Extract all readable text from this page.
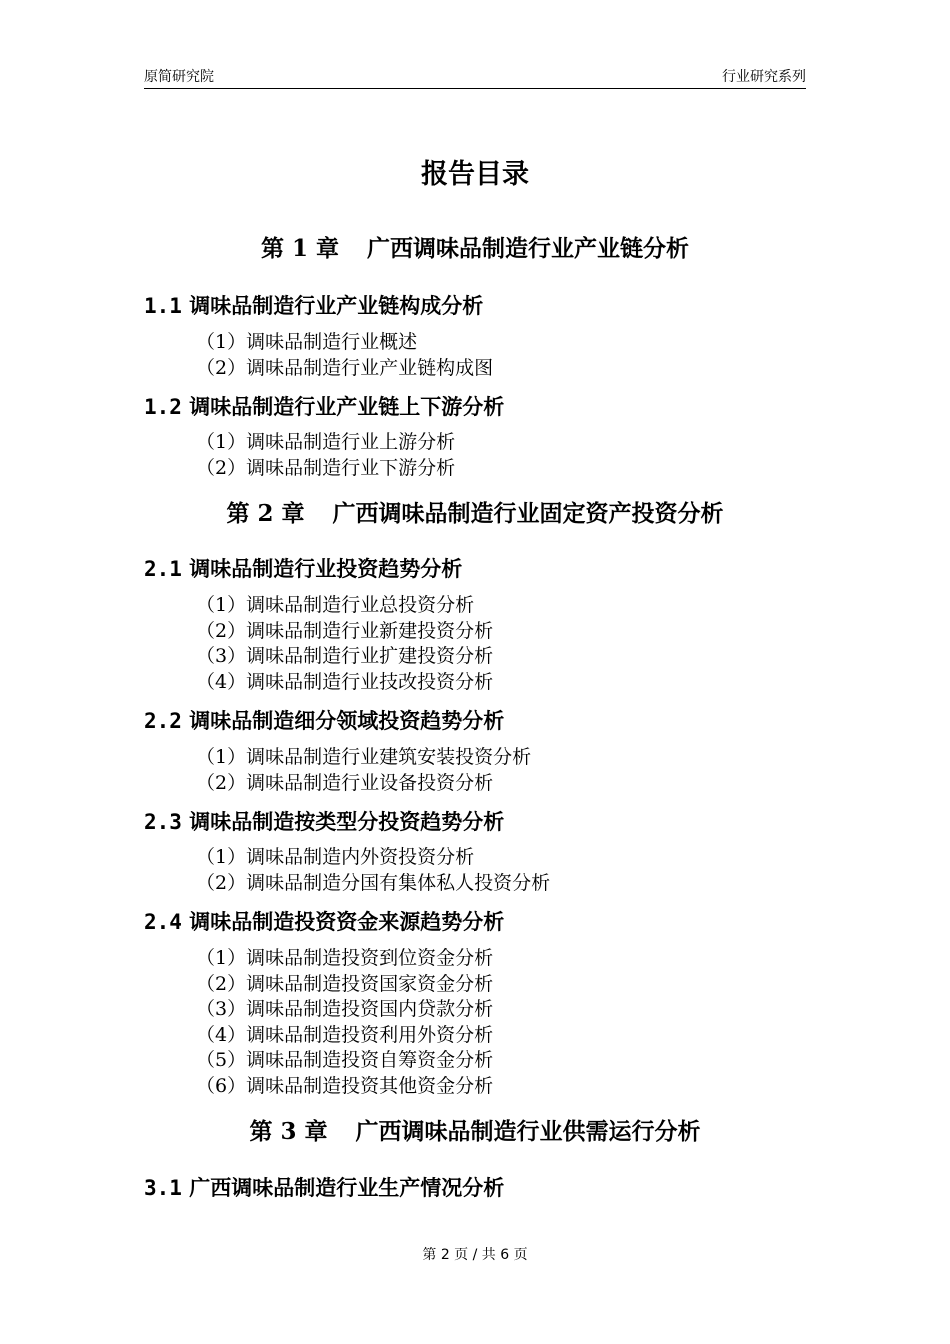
原简研究院	行业研究系列
报告目录
第 1 章 广西调味品制造行业产业链分析
1.1 调味品制造行业产业链构成分析
（1）调味品制造行业概述
（2）调味品制造行业产业链构成图
1.2 调味品制造行业产业链上下游分析
（1）调味品制造行业上游分析
（2）调味品制造行业下游分析
第 2 章 广西调味品制造行业固定资产投资分析
2.1 调味品制造行业投资趋势分析
（1）调味品制造行业总投资分析
（2）调味品制造行业新建投资分析
（3）调味品制造行业扩建投资分析
（4）调味品制造行业技改投资分析
2.2 调味品制造细分领域投资趋势分析
（1）调味品制造行业建筑安装投资分析
（2）调味品制造行业设备投资分析
2.3 调味品制造按类型分投资趋势分析
（1）调味品制造内外资投资分析
（2）调味品制造分国有集体私人投资分析
2.4 调味品制造投资资金来源趋势分析
（1）调味品制造投资到位资金分析
（2）调味品制造投资国家资金分析
（3）调味品制造投资国内贷款分析
（4）调味品制造投资利用外资分析
（5）调味品制造投资自筹资金分析
（6）调味品制造投资其他资金分析
第 3 章 广西调味品制造行业供需运行分析
3.1 广西调味品制造行业生产情况分析
第 2 页 / 共 6 页
